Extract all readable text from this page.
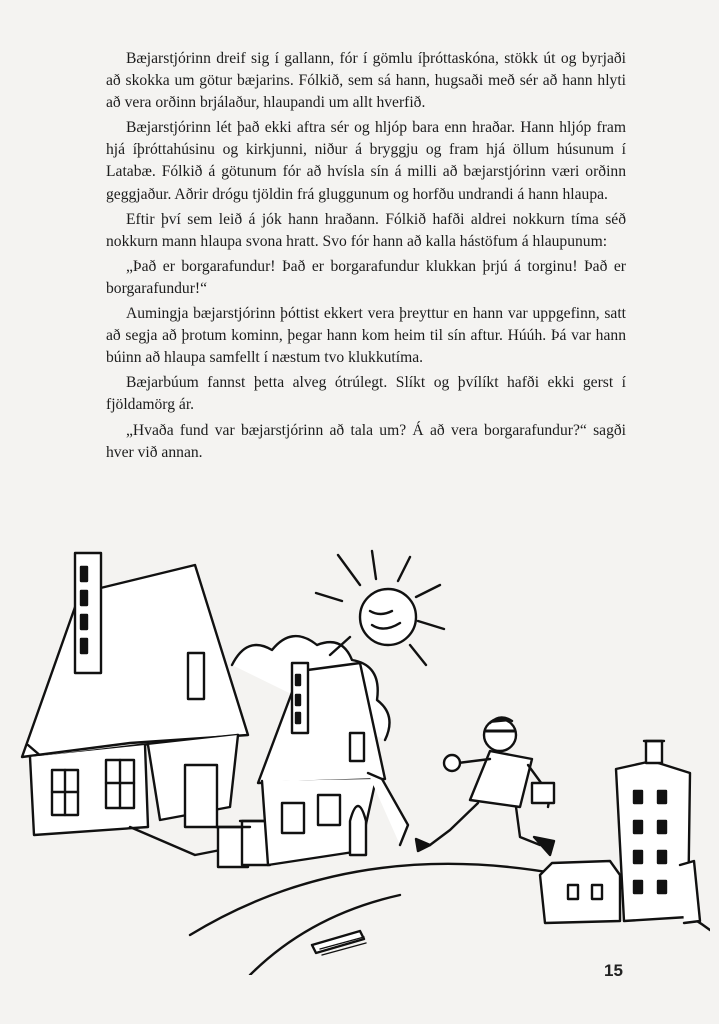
Bæjarstjórinn dreif sig í gallann, fór í gömlu íþróttaskóna, stökk út og byrjaði að skokka um götur bæjarins. Fólkið, sem sá hann, hugsaði með sér að hann hlyti að vera orðinn brjálaður, hlaupandi um allt hverfið.

Bæjarstjórinn lét það ekki aftra sér og hljóp bara enn hraðar. Hann hljóp fram hjá íþróttahúsinu og kirkjunni, niður á bryggju og fram hjá öllum húsunum í Latabæ. Fólkið á götunum fór að hvísla sín á milli að bæjarstjórinn væri orðinn geggjaður. Aðrir drógu tjöldin frá gluggunum og horfðu undrandi á hann hlaupa.

Eftir því sem leið á jók hann hraðann. Fólkið hafði aldrei nokkurn tíma séð nokkurn mann hlaupa svona hratt. Svo fór hann að kalla hástöfum á hlaupunum:

„Það er borgarafundur! Það er borgarafundur klukkan þrjú á torginu! Það er borgarafundur!“

Aumingja bæjarstjórinn þóttist ekkert vera þreyttur en hann var uppgefinn, satt að segja að þrotum kominn, þegar hann kom heim til sín aftur. Húúh. Þá var hann búinn að hlaupa samfellt í næstum tvo klukkutíma.

Bæjarbúum fannst þetta alveg ótrúlegt. Slíkt og þvílíkt hafði ekki gerst í fjöldamörg ár.

„Hvaða fund var bæjarstjórinn að tala um? Á að vera borgarafundur?“ sagði hver við annan.

15
